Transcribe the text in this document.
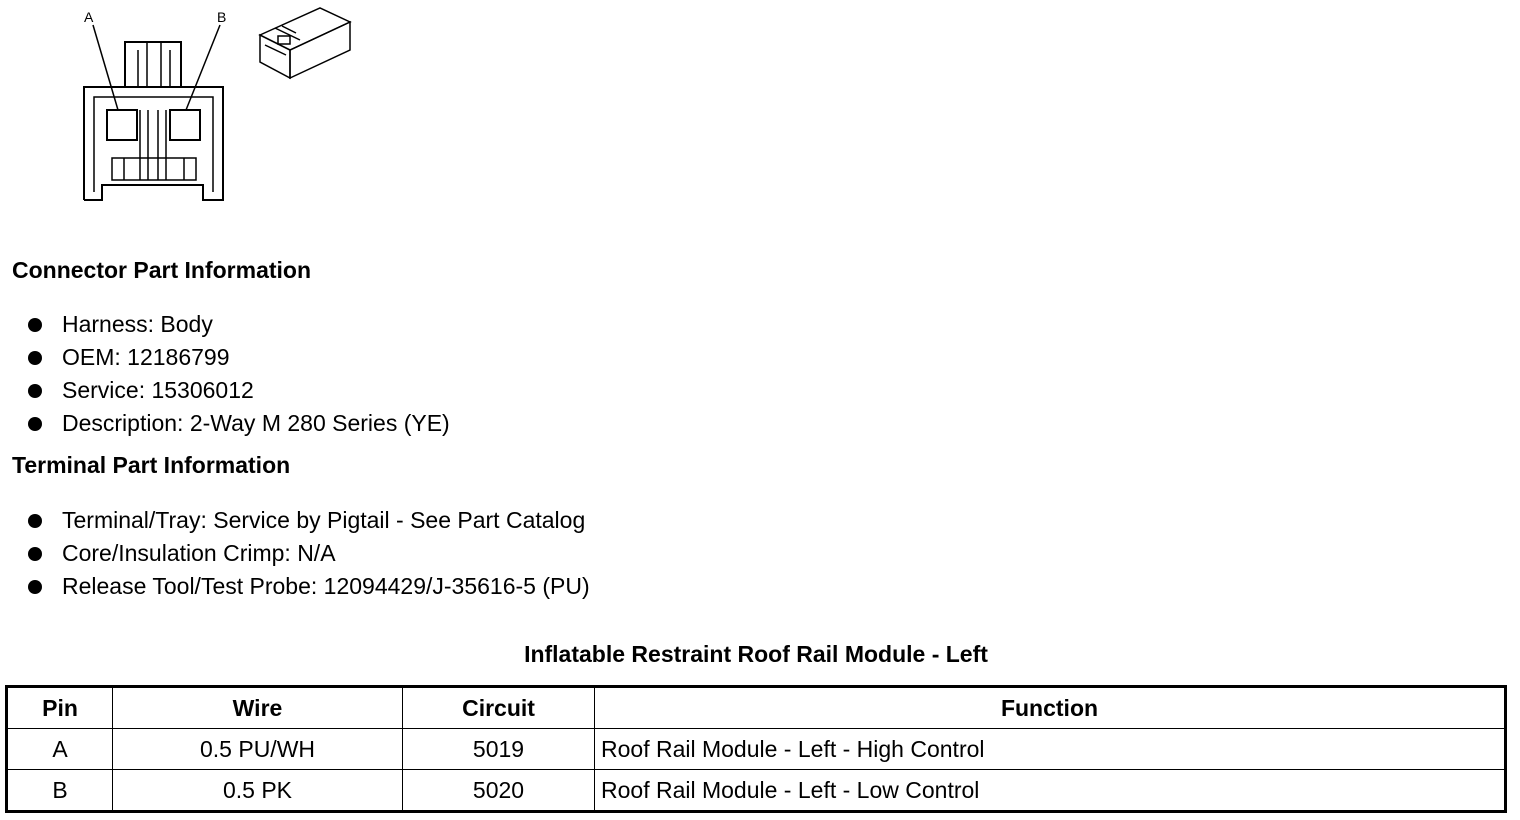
A	B
Connector Part Information
Harness: Body
OEM: 12186799
Service: 15306012
Description: 2-Way M 280 Series (YE)
Terminal Part Information
Terminal/Tray: Service by Pigtail - See Part Catalog
Core/Insulation Crimp: N/A
Release Tool/Test Probe: 12094429/J-35616-5 (PU)
Inflatable Restraint Roof Rail Module - Left
Pin	Wire	Circuit	Function
A	0.5 PU/WH	5019	Roof Rail Module - Left - High Control
B	0.5 PK	5020	Roof Rail Module - Left - Low Control
